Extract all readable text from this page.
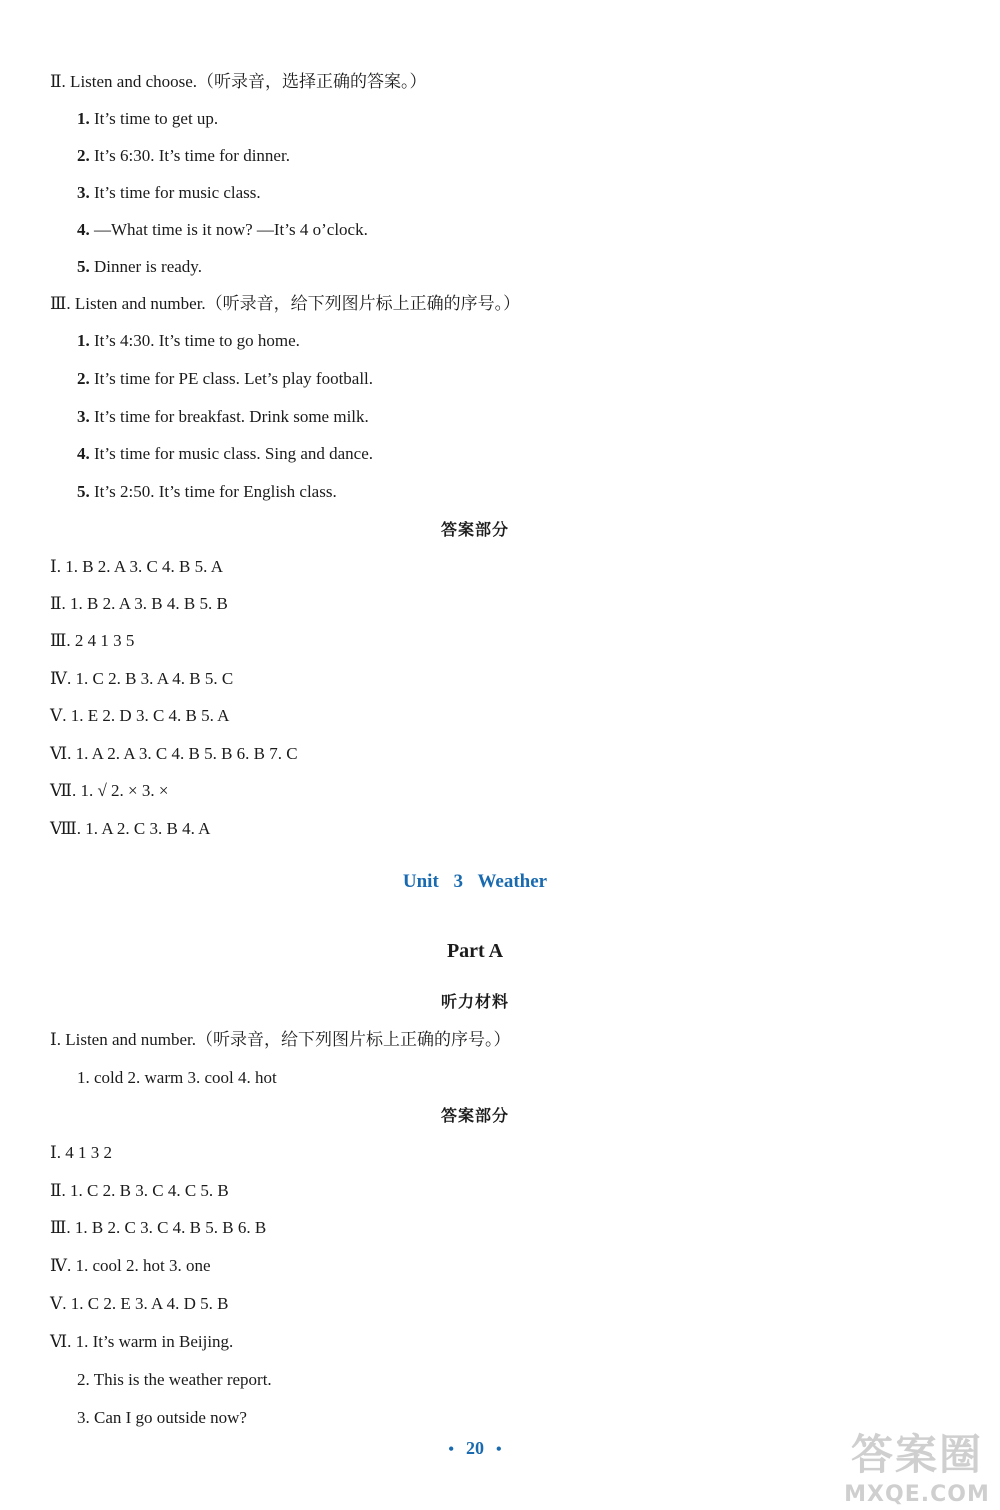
Ⅱ. Listen and choose.（听录音，选择正确的答案。）
1. It’s time to get up.
2. It’s 6:30. It’s time for dinner.
3. It’s time for music class.
4. —What time is it now? —It’s 4 o’clock.
5. Dinner is ready.
Ⅲ. Listen and number.（听录音，给下列图片标上正确的序号。）
1. It’s 4:30. It’s time to go home.
2. It’s time for PE class. Let’s play football.
3. It’s time for breakfast. Drink some milk.
4. It’s time for music class. Sing and dance.
5. It’s 2:50. It’s time for English class.
答案部分
Ⅰ. 1. B 2. A 3. C 4. B 5. A
Ⅱ. 1. B 2. A 3. B 4. B 5. B
Ⅲ. 2 4 1 3 5
Ⅳ. 1. C 2. B 3. A 4. B 5. C
Ⅴ. 1. E 2. D 3. C 4. B 5. A
Ⅵ. 1. A 2. A 3. C 4. B 5. B 6. B 7. C
Ⅶ. 1. √ 2. × 3. ×
Ⅷ. 1. A 2. C 3. B 4. A
Unit 3 Weather
Part A
听力材料
Ⅰ. Listen and number.（听录音，给下列图片标上正确的序号。）
1. cold 2. warm 3. cool 4. hot
答案部分
Ⅰ. 4 1 3 2
Ⅱ. 1. C 2. B 3. C 4. C 5. B
Ⅲ. 1. B 2. C 3. C 4. B 5. B 6. B
Ⅳ. 1. cool 2. hot 3. one
Ⅴ. 1. C 2. E 3. A 4. D 5. B
Ⅵ. 1. It’s warm in Beijing.
2. This is the weather report.
3. Can I go outside now?
• 20 •	答案圈
MXQE.COM
